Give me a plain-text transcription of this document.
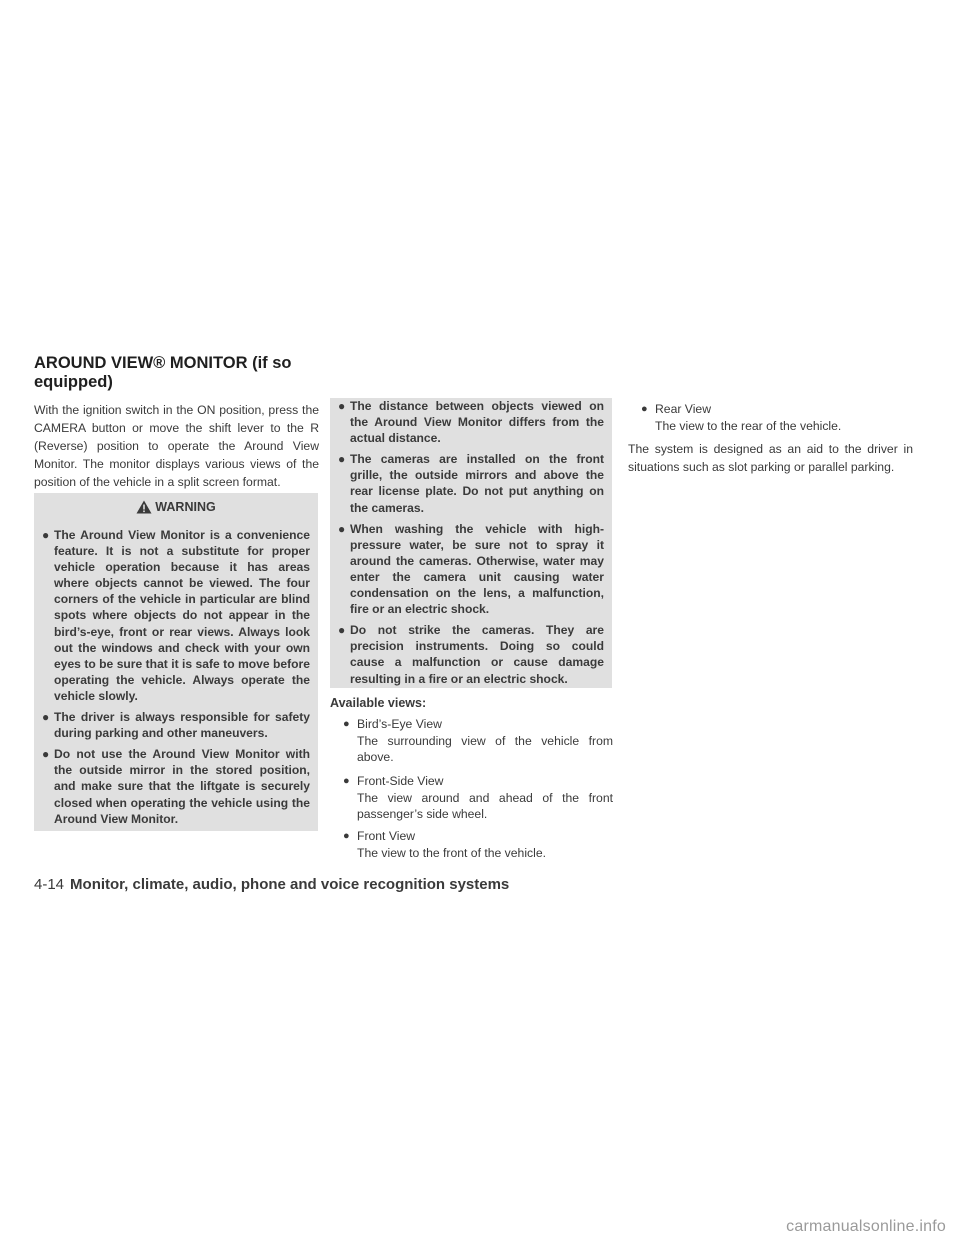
AROUND VIEW® MONITOR (if so equipped)

With the ignition switch in the ON position, press the CAMERA button or move the shift lever to the R (Reverse) position to operate the Around View Monitor. The monitor displays various views of the position of the vehicle in a split screen format.

WARNING
● The Around View Monitor is a convenience feature. It is not a substitute for proper vehicle operation because it has areas where objects cannot be viewed. The four corners of the vehicle in particular are blind spots where objects do not appear in the bird’s-eye, front or rear views. Always look out the windows and check with your own eyes to be sure that it is safe to move before operating the vehicle. Always operate the vehicle slowly.
● The driver is always responsible for safety during parking and other maneuvers.
● Do not use the Around View Monitor with the outside mirror in the stored position, and make sure that the liftgate is securely closed when operating the vehicle using the Around View Monitor.
● The distance between objects viewed on the Around View Monitor differs from the actual distance.
● The cameras are installed on the front grille, the outside mirrors and above the rear license plate. Do not put anything on the cameras.
● When washing the vehicle with high-pressure water, be sure not to spray it around the cameras. Otherwise, water may enter the camera unit causing water condensation on the lens, a malfunction, fire or an electric shock.
● Do not strike the cameras. They are precision instruments. Doing so could cause a malfunction or cause damage resulting in a fire or an electric shock.

Available views:

● Bird’s-Eye View
The surrounding view of the vehicle from above.
● Front-Side View
The view around and ahead of the front passenger’s side wheel.
● Front View
The view to the front of the vehicle.
● Rear View
The view to the rear of the vehicle.

The system is designed as an aid to the driver in situations such as slot parking or parallel parking.

4-14 Monitor, climate, audio, phone and voice recognition systems
carmanualsonline.info
